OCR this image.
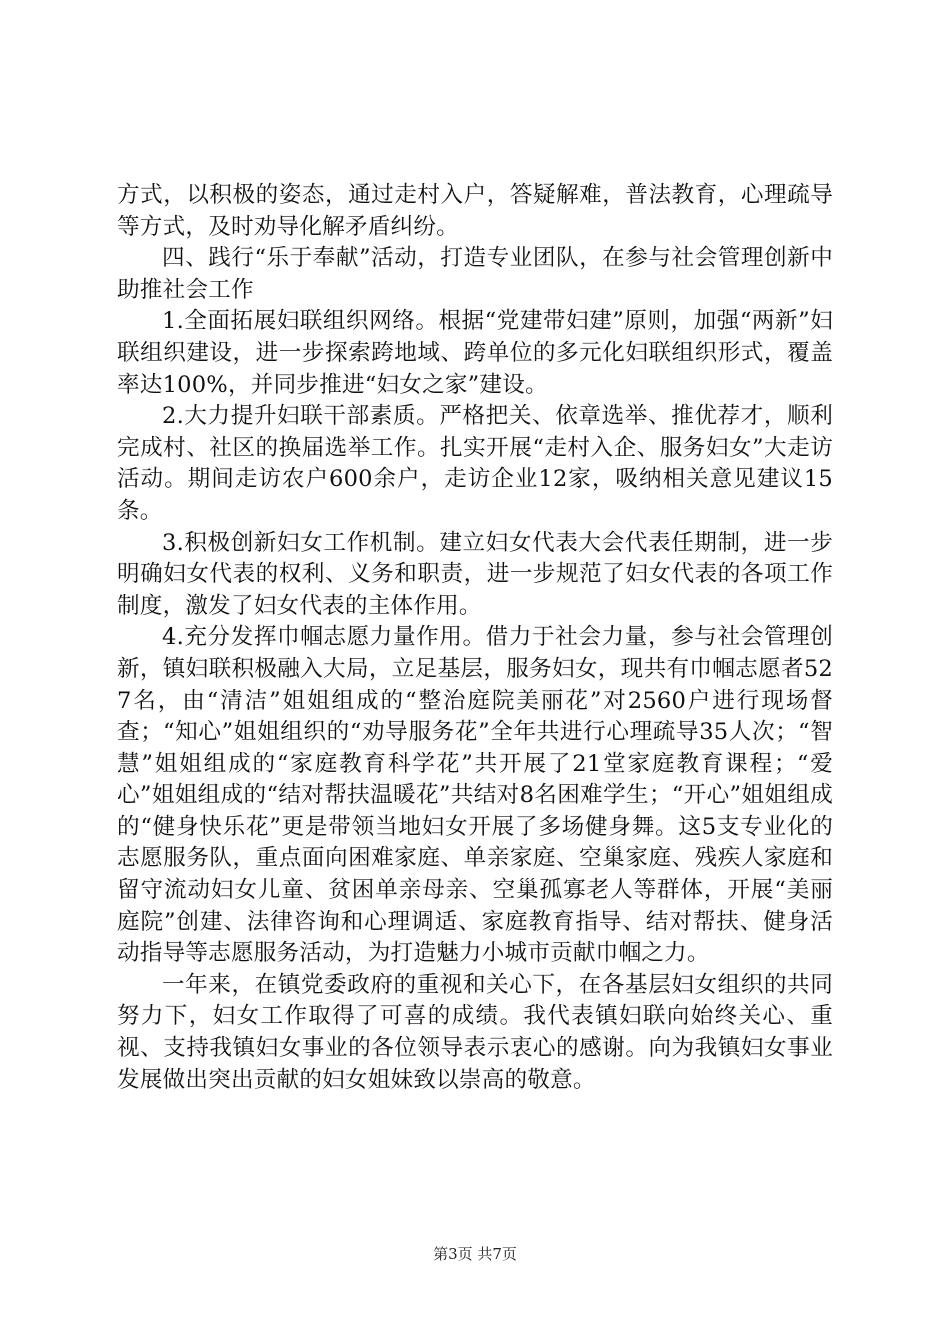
方式，以积极的姿态，通过走村入户，答疑解难，普法教育，心理疏导等方式，及时劝导化解矛盾纠纷。

四、践行“乐于奉献”活动，打造专业团队，在参与社会管理创新中助推社会工作

1.全面拓展妇联组织网络。根据“党建带妇建”原则，加强“两新”妇联组织建设，进一步探索跨地域、跨单位的多元化妇联组织形式，覆盖率达100%，并同步推进“妇女之家”建设。

2.大力提升妇联干部素质。严格把关、依章选举、推优荐才，顺利完成村、社区的换届选举工作。扎实开展“走村入企、服务妇女”大走访活动。期间走访农户600余户，走访企业12家，吸纳相关意见建议15条。

3.积极创新妇女工作机制。建立妇女代表大会代表任期制，进一步明确妇女代表的权利、义务和职责，进一步规范了妇女代表的各项工作制度，激发了妇女代表的主体作用。

4.充分发挥巾帼志愿力量作用。借力于社会力量，参与社会管理创新，镇妇联积极融入大局，立足基层，服务妇女，现共有巾帼志愿者527名，由“清洁”姐姐组成的“整治庭院美丽花”对2560户进行现场督查；“知心”姐姐组织的“劝导服务花”全年共进行心理疏导35人次；“智慧”姐姐组成的“家庭教育科学花”共开展了21堂家庭教育课程；“爱心”姐姐组成的“结对帮扶温暖花”共结对8名困难学生；“开心”姐姐组成的“健身快乐花”更是带领当地妇女开展了多场健身舞。这5支专业化的志愿服务队，重点面向困难家庭、单亲家庭、空巢家庭、残疾人家庭和留守流动妇女儿童、贫困单亲母亲、空巢孤寡老人等群体，开展“美丽庭院”创建、法律咨询和心理调适、家庭教育指导、结对帮扶、健身活动指导等志愿服务活动，为打造魅力小城市贡献巾帼之力。

一年来，在镇党委政府的重视和关心下，在各基层妇女组织的共同努力下，妇女工作取得了可喜的成绩。我代表镇妇联向始终关心、重视、支持我镇妇女事业的各位领导表示衷心的感谢。向为我镇妇女事业发展做出突出贡献的妇女姐妹致以崇高的敬意。

第3页 共7页
